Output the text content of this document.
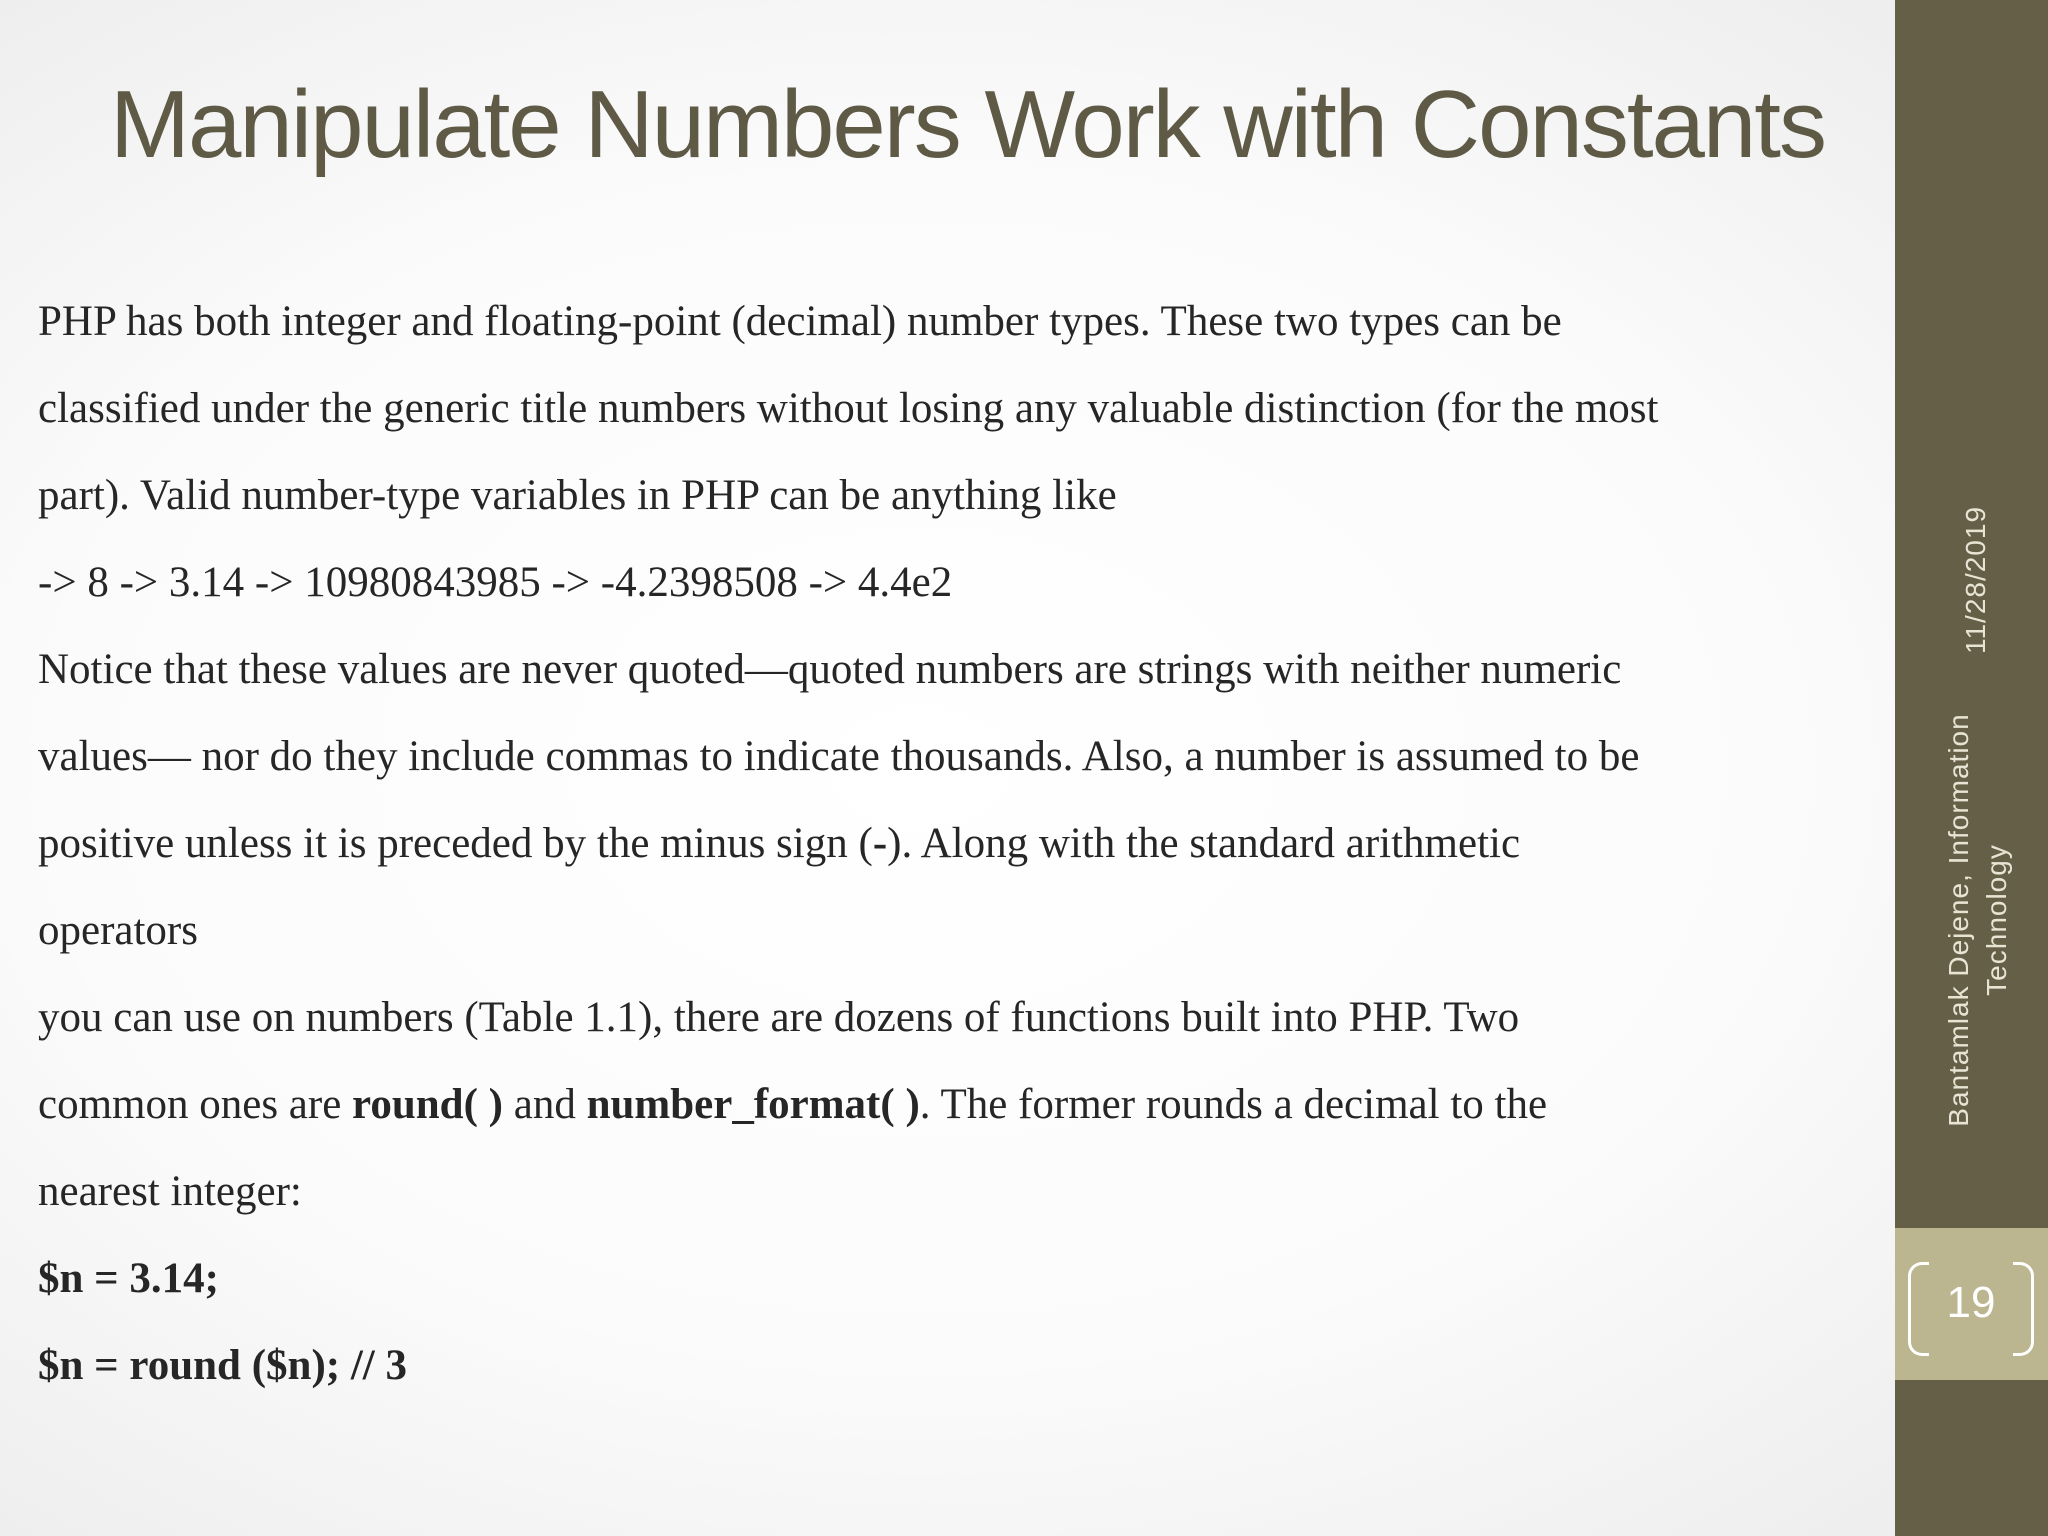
Manipulate Numbers Work with Constants
PHP has both integer and floating-point (decimal) number types. These two types can be
classified under the generic title numbers without losing any valuable distinction (for the most
part). Valid number-type variables in PHP can be anything like
-> 8 -> 3.14 -> 10980843985 -> -4.2398508 -> 4.4e2
Notice that these values are never quoted—quoted numbers are strings with neither numeric
values— nor do they include commas to indicate thousands. Also, a number is assumed to be
positive unless it is preceded by the minus sign (-). Along with the standard arithmetic
operators
you can use on numbers (Table 1.1), there are dozens of functions built into PHP. Two
common ones are round( ) and number_format( ). The former rounds a decimal to the
nearest integer:
$n = 3.14;
$n = round ($n); // 3
11/28/2019
Bantamlak Dejene, Information Technology
19
